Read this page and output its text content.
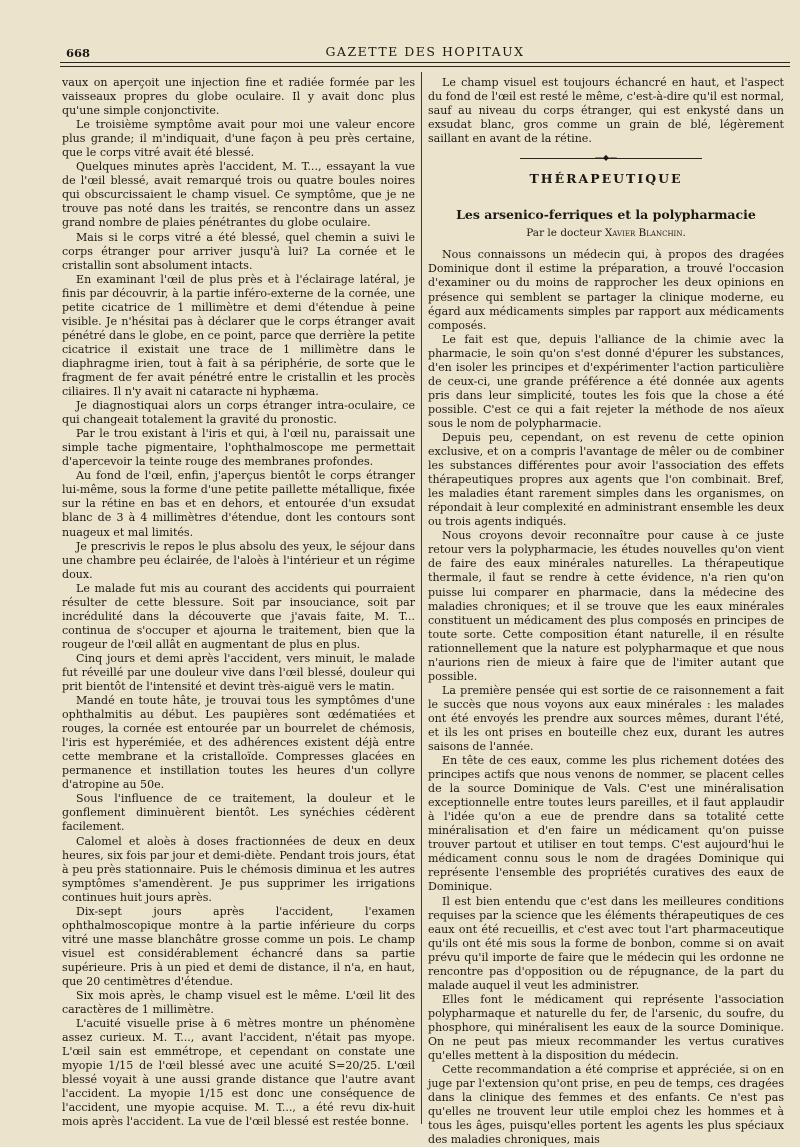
668	GAZETTE DES HOPITAUX

vaux on aperçoit une injection fine et radiée formée par les vaisseaux propres du globe oculaire. Il y avait donc plus qu'une simple conjonctivite.

Le troisième symptôme avait pour moi une valeur encore plus grande; il m'indiquait, d'une façon à peu près certaine, que le corps vitré avait été blessé.

Quelques minutes après l'accident, M. T..., essayant la vue de l'œil blessé, avait remarqué trois ou quatre boules noires qui obscurcissaient le champ visuel. Ce symptôme, que je ne trouve pas noté dans les traités, se rencontre dans un assez grand nombre de plaies pénétrantes du globe oculaire.

Mais si le corps vitré a été blessé, quel chemin a suivi le corps étranger pour arriver jusqu'à lui? La cornée et le cristallin sont absolument intacts.

En examinant l'œil de plus près et à l'éclairage latéral, je finis par découvrir, à la partie inféro-externe de la cornée, une petite cicatrice de 1 millimètre et demi d'étendue à peine visible. Je n'hésitai pas à déclarer que le corps étranger avait pénétré dans le globe, en ce point, parce que derrière la petite cicatrice il existait une trace de 1 millimètre dans le diaphragme irien, tout à fait à sa périphérie, de sorte que le fragment de fer avait pénétré entre le cristallin et les procès ciliaires. Il n'y avait ni cataracte ni hyphæma.

Je diagnostiquai alors un corps étranger intra-oculaire, ce qui changeait totalement la gravité du pronostic.

Par le trou existant à l'iris et qui, à l'œil nu, paraissait une simple tache pigmentaire, l'ophthalmoscope me permettait d'apercevoir la teinte rouge des membranes profondes.

Au fond de l'œil, enfin, j'aperçus bientôt le corps étranger lui-même, sous la forme d'une petite paillette métallique, fixée sur la rétine en bas et en dehors, et entourée d'un exsudat blanc de 3 à 4 millimètres d'étendue, dont les contours sont nuageux et mal limités.

Je prescrivis le repos le plus absolu des yeux, le séjour dans une chambre peu éclairée, de l'aloès à l'intérieur et un régime doux.

Le malade fut mis au courant des accidents qui pourraient résulter de cette blessure. Soit par insouciance, soit par incrédulité dans la découverte que j'avais faite, M. T... continua de s'occuper et ajourna le traitement, bien que la rougeur de l'œil allât en augmentant de plus en plus.

Cinq jours et demi après l'accident, vers minuit, le malade fut réveillé par une douleur vive dans l'œil blessé, douleur qui prit bientôt de l'intensité et devint très-aiguë vers le matin.

Mandé en toute hâte, je trouvai tous les symptômes d'une ophthalmitis au début. Les paupières sont œdématiées et rouges, la cornée est entourée par un bourrelet de chémosis, l'iris est hyperémiée, et des adhérences existent déjà entre cette membrane et la cristalloïde. Compresses glacées en permanence et instillation toutes les heures d'un collyre d'atropine au 50e.

Sous l'influence de ce traitement, la douleur et le gonflement diminuèrent bientôt. Les synéchies cédèrent facilement.

Calomel et aloès à doses fractionnées de deux en deux heures, six fois par jour et demi-diète. Pendant trois jours, état à peu près stationnaire. Puis le chémosis diminua et les autres symptômes s'amendèrent. Je pus supprimer les irrigations continues huit jours après.

Dix-sept jours après l'accident, l'examen ophthalmoscopique montre à la partie inférieure du corps vitré une masse blanchâtre grosse comme un pois. Le champ visuel est considérablement échancré dans sa partie supérieure. Pris à un pied et demi de distance, il n'a, en haut, que 20 centimètres d'étendue.

Six mois après, le champ visuel est le même. L'œil lit des caractères de 1 millimètre.

L'acuité visuelle prise à 6 mètres montre un phénomène assez curieux. M. T..., avant l'accident, n'était pas myope. L'œil sain est emmétrope, et cependant on constate une myopie 1/15 de l'œil blessé avec une acuité S=20/25. L'œil blessé voyait à une aussi grande distance que l'autre avant l'accident. La myopie 1/15 est donc une conséquence de l'accident, une myopie acquise. M. T..., a été revu dix-huit mois après l'accident. La vue de l'œil blessé est restée bonne.

Le champ visuel est toujours échancré en haut, et l'aspect du fond de l'œil est resté le même, c'est-à-dire qu'il est normal, sauf au niveau du corps étranger, qui est enkysté dans un exsudat blanc, gros comme un grain de blé, légèrement saillant en avant de la rétine.

—◆—
THÉRAPEUTIQUE
Les arsenico-ferriques et la polypharmacie
Par le docteur Xavier Blanchin.

Nous connaissons un médecin qui, à propos des dragées Dominique dont il estime la préparation, a trouvé l'occasion d'examiner ou du moins de rapprocher les deux opinions en présence qui semblent se partager la clinique moderne, eu égard aux médicaments simples par rapport aux médicaments composés.

Le fait est que, depuis l'alliance de la chimie avec la pharmacie, le soin qu'on s'est donné d'épurer les substances, d'en isoler les principes et d'expérimenter l'action particulière de ceux-ci, une grande préférence a été donnée aux agents pris dans leur simplicité, toutes les fois que la chose a été possible. C'est ce qui a fait rejeter la méthode de nos aïeux sous le nom de polypharmacie.

Depuis peu, cependant, on est revenu de cette opinion exclusive, et on a compris l'avantage de mêler ou de combiner les substances différentes pour avoir l'association des effets thérapeutiques propres aux agents que l'on combinait. Bref, les maladies étant rarement simples dans les organismes, on répondait à leur complexité en administrant ensemble les deux ou trois agents indiqués.

Nous croyons devoir reconnaître pour cause à ce juste retour vers la polypharmacie, les études nouvelles qu'on vient de faire des eaux minérales naturelles. La thérapeutique thermale, il faut se rendre à cette évidence, n'a rien qu'on puisse lui comparer en pharmacie, dans la médecine des maladies chroniques; et il se trouve que les eaux minérales constituent un médicament des plus composés en principes de toute sorte. Cette composition étant naturelle, il en résulte rationnellement que la nature est polypharmaque et que nous n'aurions rien de mieux à faire que de l'imiter autant que possible.

La première pensée qui est sortie de ce raisonnement a fait le succès que nous voyons aux eaux minérales : les malades ont été envoyés les prendre aux sources mêmes, durant l'été, et ils les ont prises en bouteille chez eux, durant les autres saisons de l'année.

En tête de ces eaux, comme les plus richement dotées des principes actifs que nous venons de nommer, se placent celles de la source Dominique de Vals. C'est une minéralisation exceptionnelle entre toutes leurs pareilles, et il faut applaudir à l'idée qu'on a eue de prendre dans sa totalité cette minéralisation et d'en faire un médicament qu'on puisse trouver partout et utiliser en tout temps. C'est aujourd'hui le médicament connu sous le nom de dragées Dominique qui représente l'ensemble des propriétés curatives des eaux de Dominique.

Il est bien entendu que c'est dans les meilleures conditions requises par la science que les éléments thérapeutiques de ces eaux ont été recueillis, et c'est avec tout l'art pharmaceutique qu'ils ont été mis sous la forme de bonbon, comme si on avait prévu qu'il importe de faire que le médecin qui les ordonne ne rencontre pas d'opposition ou de répugnance, de la part du malade auquel il veut les administrer.

Elles font le médicament qui représente l'association polypharmaque et naturelle du fer, de l'arsenic, du soufre, du phosphore, qui minéralisent les eaux de la source Dominique. On ne peut pas mieux recommander les vertus curatives qu'elles mettent à la disposition du médecin.

Cette recommandation a été comprise et appréciée, si on en juge par l'extension qu'ont prise, en peu de temps, ces dragées dans la clinique des femmes et des enfants. Ce n'est pas qu'elles ne trouvent leur utile emploi chez les hommes et à tous les âges, puisqu'elles portent les agents les plus spéciaux des maladies chroniques, mais
